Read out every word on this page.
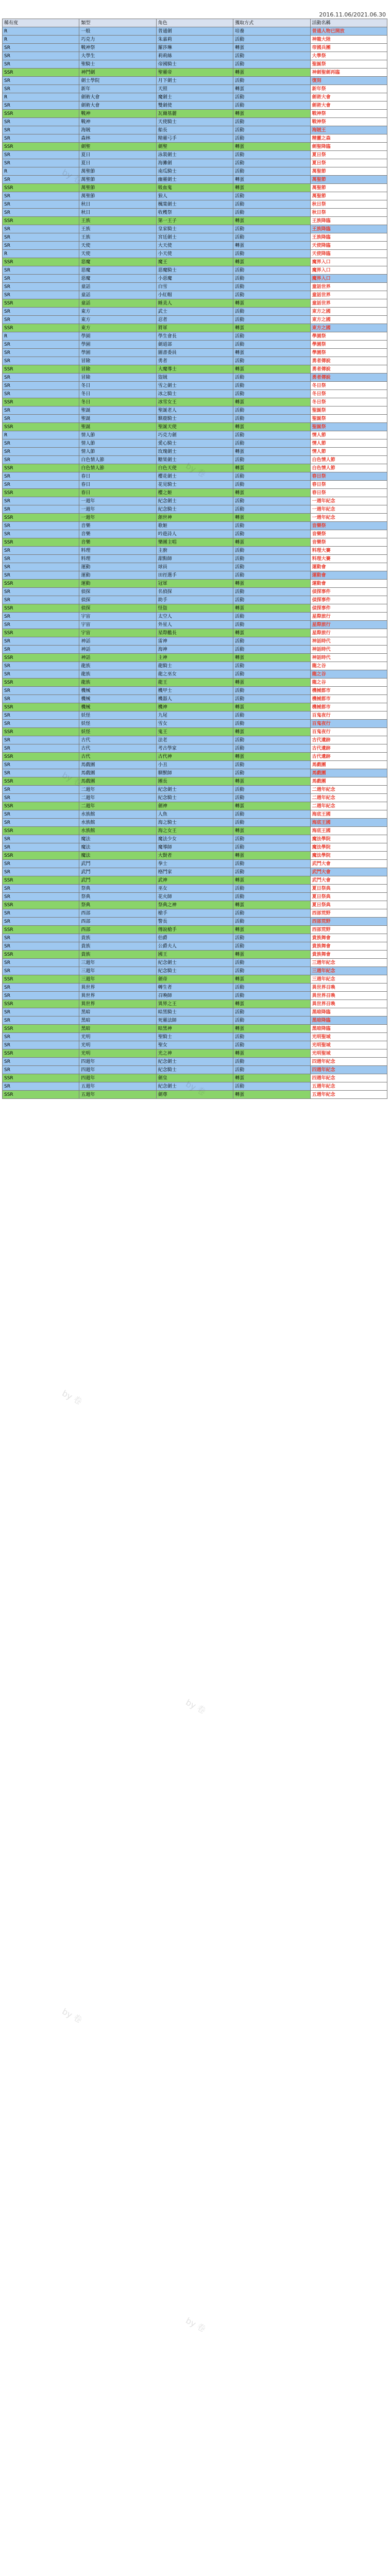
2016.11.06/2021.06.30
稀有度	類型	角色	獲取方式	活動名稱
R	一般	普通劍	培養	普通人物已開放
R	巧克力	朱嘉莉	活動	神龍大陸
SR	戰神祭	羅莎琳	轉蛋	帝國兵團
SR	大學生	莉莉絲	活動	大學祭
SR	聖騎士	帝國騎士	活動	聖誕祭
SSR	神鬥劍	聖靈帝	轉蛋	神劍聖劍再臨
SR	劍士學院	月下劍士	活動	復刻
SR	新年	天照	轉蛋	新年祭
R	劍術大會	魔劍士	活動	劍術大會
SR	劍術大會	雙劍使	活動	劍術大會
SSR	戰神	瓦爾基麗	轉蛋	戰神祭
SR	戰神	天使騎士	活動	戰神祭
SR	海賊	船長	活動	海賊王
SR	森林	精靈弓手	活動	精靈之森
SSR	劍聖	劍聖	轉蛋	劍聖降臨
SR	夏日	泳裝劍士	活動	夏日祭
SR	夏日	海灘劍	活動	夏日祭
R	萬聖節	南瓜騎士	活動	萬聖節
SR	萬聖節	幽靈劍士	轉蛋	萬聖節
SSR	萬聖節	吸血鬼	轉蛋	萬聖節
SR	萬聖節	狼人	活動	萬聖節
SR	秋日	楓葉劍士	活動	秋日祭
SR	秋日	收穫祭	活動	秋日祭
SSR	王族	第一王子	轉蛋	王族降臨
SR	王族	皇家騎士	活動	王族降臨
SR	王族	宮廷劍士	活動	王族降臨
SR	天使	大天使	轉蛋	天使降臨
R	天使	小天使	活動	天使降臨
SSR	惡魔	魔王	轉蛋	魔界入口
SR	惡魔	惡魔騎士	活動	魔界入口
SR	惡魔	小惡魔	活動	魔界入口
SR	童話	白雪	活動	童話世界
SR	童話	小紅帽	活動	童話世界
SSR	童話	睡美人	轉蛋	童話世界
SR	東方	武士	活動	東方之國
SR	東方	忍者	活動	東方之國
SSR	東方	將軍	轉蛋	東方之國
R	學園	學生會長	活動	學園祭
SR	學園	劍道部	活動	學園祭
SR	學園	圖書委員	轉蛋	學園祭
SR	冒險	勇者	活動	勇者傳說
SSR	冒險	大魔導士	轉蛋	勇者傳說
SR	冒險	盜賊	活動	勇者傳說
SR	冬日	雪之劍士	活動	冬日祭
SR	冬日	冰之騎士	活動	冬日祭
SSR	冬日	冰雪女王	轉蛋	冬日祭
SR	聖誕	聖誕老人	活動	聖誕祭
SR	聖誕	馴鹿騎士	活動	聖誕祭
SSR	聖誕	聖誕天使	轉蛋	聖誕祭
R	情人節	巧克力劍	活動	情人節
SR	情人節	愛心騎士	活動	情人節
SR	情人節	玫瑰劍士	轉蛋	情人節
SR	白色情人節	糖果劍士	活動	白色情人節
SSR	白色情人節	白色天使	轉蛋	白色情人節
SR	春日	櫻花劍士	活動	春日祭
SR	春日	花見騎士	活動	春日祭
SSR	春日	櫻之姬	轉蛋	春日祭
SR	一週年	紀念劍士	活動	一週年紀念
SR	一週年	紀念騎士	活動	一週年紀念
SSR	一週年	創世神	轉蛋	一週年紀念
SR	音樂	歌姬	活動	音樂祭
SR	音樂	吟遊詩人	活動	音樂祭
SSR	音樂	樂團主唱	轉蛋	音樂祭
SR	料理	主廚	活動	料理大賽
SR	料理	甜點師	活動	料理大賽
SR	運動	球員	活動	運動會
SR	運動	田徑選手	活動	運動會
SSR	運動	冠軍	轉蛋	運動會
SR	偵探	名偵探	活動	偵探事件
SR	偵探	助手	活動	偵探事件
SSR	偵探	怪盜	轉蛋	偵探事件
SR	宇宙	太空人	活動	星際旅行
SR	宇宙	外星人	活動	星際旅行
SSR	宇宙	星際艦長	轉蛋	星際旅行
SR	神話	雷神	活動	神話時代
SR	神話	海神	活動	神話時代
SSR	神話	主神	轉蛋	神話時代
SR	龍族	龍騎士	活動	龍之谷
SR	龍族	龍之巫女	活動	龍之谷
SSR	龍族	龍王	轉蛋	龍之谷
SR	機械	機甲士	活動	機械都市
SR	機械	機器人	活動	機械都市
SSR	機械	機神	轉蛋	機械都市
SR	妖怪	九尾	活動	百鬼夜行
SR	妖怪	雪女	活動	百鬼夜行
SSR	妖怪	鬼王	轉蛋	百鬼夜行
SR	古代	法老	活動	古代遺跡
SR	古代	考古學家	活動	古代遺跡
SSR	古代	古代神	轉蛋	古代遺跡
SR	馬戲團	小丑	活動	馬戲團
SR	馬戲團	馴獸師	活動	馬戲團
SSR	馬戲團	團長	轉蛋	馬戲團
SR	二週年	紀念劍士	活動	二週年紀念
SR	二週年	紀念騎士	活動	二週年紀念
SSR	二週年	劍神	轉蛋	二週年紀念
SR	水族館	人魚	活動	海底王國
SR	水族館	海之騎士	活動	海底王國
SSR	水族館	海之女王	轉蛋	海底王國
SR	魔法	魔法少女	活動	魔法學院
SR	魔法	魔導師	活動	魔法學院
SSR	魔法	大賢者	轉蛋	魔法學院
SR	武鬥	拳士	活動	武鬥大會
SR	武鬥	格鬥家	活動	武鬥大會
SSR	武鬥	武神	轉蛋	武鬥大會
SR	祭典	巫女	活動	夏日祭典
SR	祭典	花火師	活動	夏日祭典
SSR	祭典	祭典之神	轉蛋	夏日祭典
SR	西部	槍手	活動	西部荒野
SR	西部	警長	活動	西部荒野
SSR	西部	傳說槍手	轉蛋	西部荒野
SR	貴族	伯爵	活動	貴族舞會
SR	貴族	公爵夫人	活動	貴族舞會
SSR	貴族	國王	轉蛋	貴族舞會
SR	三週年	紀念劍士	活動	三週年紀念
SR	三週年	紀念騎士	活動	三週年紀念
SSR	三週年	劍帝	轉蛋	三週年紀念
SR	異世界	轉生者	活動	異世界召喚
SR	異世界	召喚師	活動	異世界召喚
SSR	異世界	異界之王	轉蛋	異世界召喚
SR	黑暗	暗黑騎士	活動	黑暗降臨
SR	黑暗	死靈法師	活動	黑暗降臨
SSR	黑暗	暗黑神	轉蛋	黑暗降臨
SR	光明	聖騎士	活動	光明聖域
SR	光明	聖女	活動	光明聖域
SSR	光明	光之神	轉蛋	光明聖域
SR	四週年	紀念劍士	活動	四週年紀念
SR	四週年	紀念騎士	活動	四週年紀念
SSR	四週年	劍皇	轉蛋	四週年紀念
SR	五週年	紀念劍士	活動	五週年紀念
SSR	五週年	劍尊	轉蛋	五週年紀念
by 卷
by 卷
by 卷
by 卷
